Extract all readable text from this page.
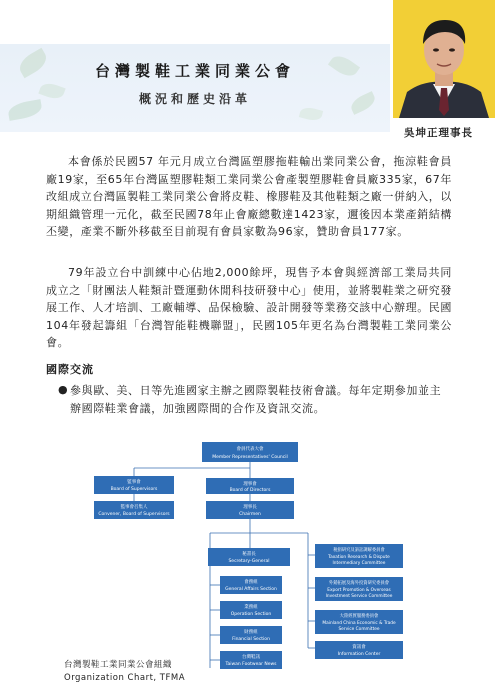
台灣製鞋工業同業公會
概況和歷史沿革
吳坤正理事長
本會係於民國57 年元月成立台灣區塑膠拖鞋輸出業同業公會，拖涼鞋會員廠19家，至65年台灣區塑膠鞋類工業同業公會產製塑膠鞋會員廠335家，67年改組成立台灣區製鞋工業同業公會將皮鞋、橡膠鞋及其他鞋類之廠一併納入，以期組織管理一元化，截至民國78年止會廠總數達1423家，邇後因本業產銷結構丕變，產業不斷外移截至目前現有會員家數為96家，贊助會員177家。
79年設立台中訓練中心佔地2,000餘坪，現售予本會與經濟部工業局共同成立之「財團法人鞋類計暨運動休閒科技研發中心」使用，並將製鞋業之研究發展工作、人才培訓、工廠輔導、品保檢驗、設計開發等業務交該中心辦理。民國104年發起籌組「台灣智能鞋機聯盟」，民國105年更名為台灣製鞋工業同業公會。
國際交流
● 參與歐、美、日等先進國家主辦之國際製鞋技術會議。每年定期參加並主辦國際鞋業會議，加強國際間的合作及資訊交流。
會員代表大會
Member Representatives' Council
監事會
Board of Supervisors
監事會召集人
Convener, Board of Supervisors
理事會
Board of Directors
理事長
Chairmen
秘書長
Secretary-General
會務組
General Affairs Section
業務組
Operation Section
財務組
Financial Section
台灣鞋訊
Taiwan Footwear News
稅捐研究及訴訟調解委員會
Taxation Research & Dispute
Intermediary Committee
外銷拓展及海外投資研究委員會
Export Promotion & Overseas
Investment Service Committee
大陸經貿服務委員會
Mainland China Economic & Trade
Service Committee
資訊會
Information Center
台灣製鞋工業同業公會組織
Organization Chart, TFMA
